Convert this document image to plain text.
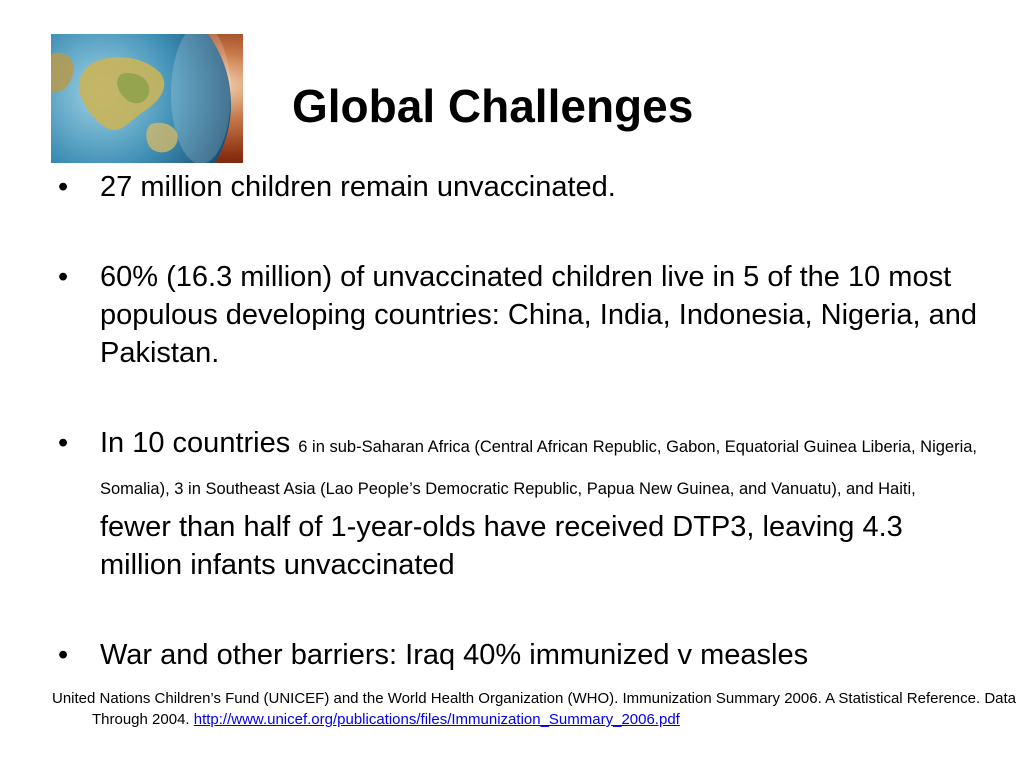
Global Challenges
• 27 million children remain unvaccinated.
• 60% (16.3 million) of unvaccinated children live in 5 of the 10 most populous developing countries: China, India, Indonesia, Nigeria, and Pakistan.
• In 10 countries 6 in sub-Saharan Africa (Central African Republic, Gabon, Equatorial Guinea Liberia, Nigeria, Somalia), 3 in Southeast Asia (Lao People’s Democratic Republic, Papua New Guinea, and Vanuatu), and Haiti, fewer than half of 1-year-olds have received DTP3, leaving 4.3 million infants unvaccinated
• War and other barriers: Iraq 40% immunized v measles
United Nations Children’s Fund (UNICEF) and the World Health Organization (WHO). Immunization Summary 2006. A Statistical Reference. Data Through 2004. http://www.unicef.org/publications/files/Immunization_Summary_2006.pdf
